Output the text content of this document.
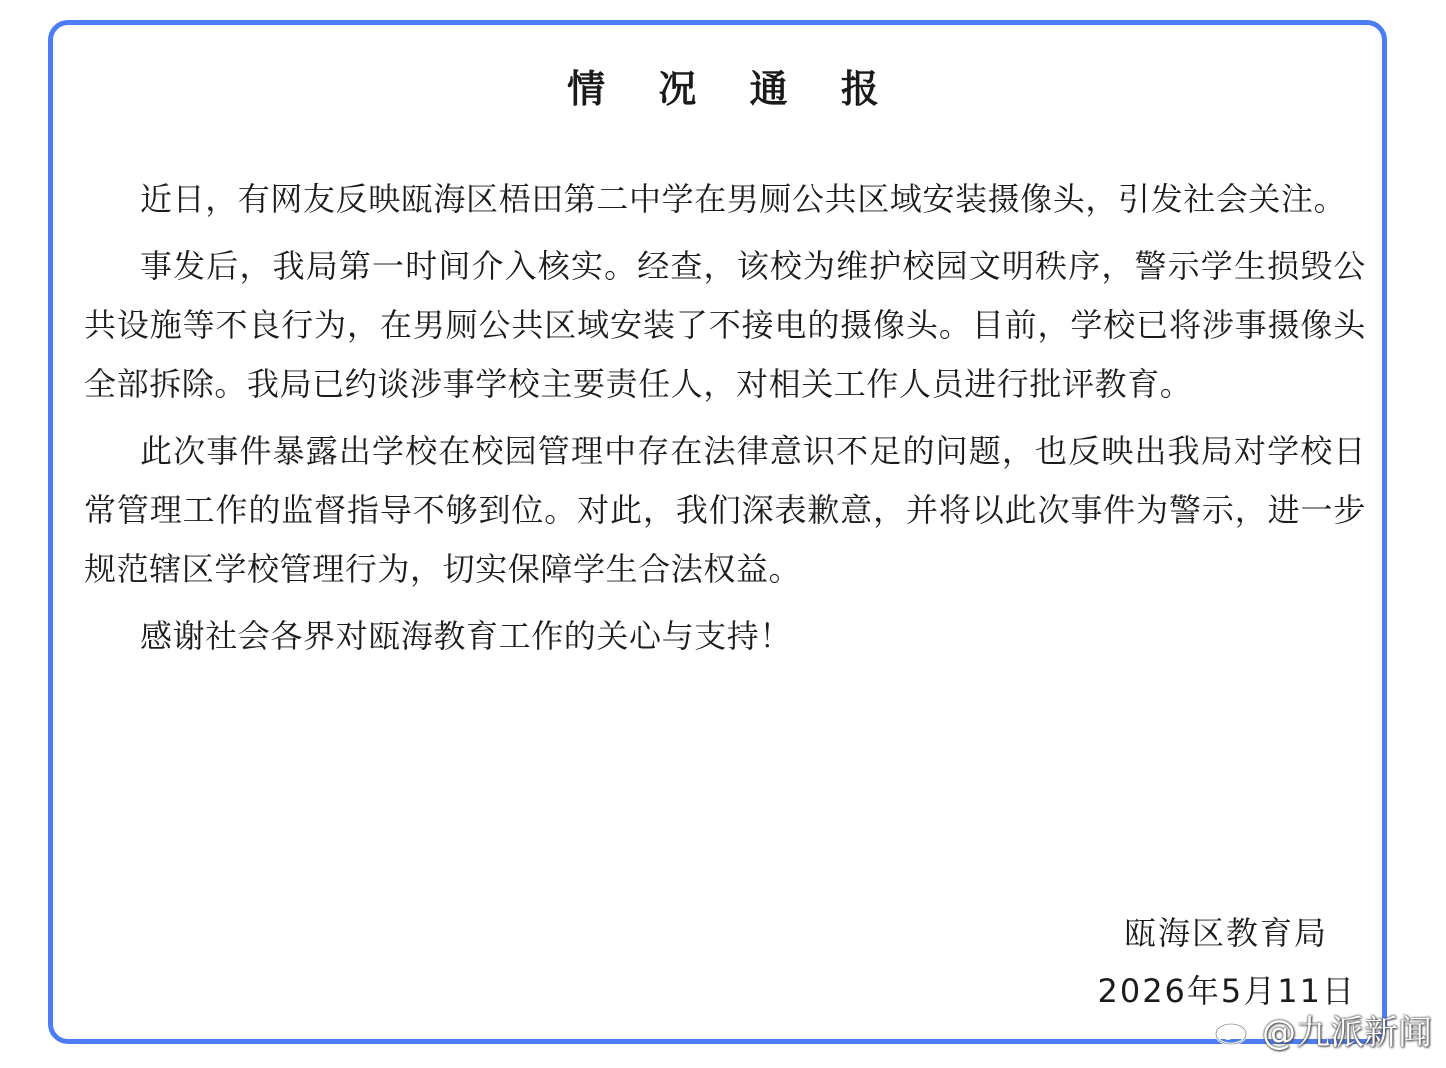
情 况 通 报

近日，有网友反映瓯海区梧田第二中学在男厕公共区域安装摄像头，引发社会关注。

事发后，我局第一时间介入核实。经查，该校为维护校园文明秩序，警示学生损毁公共设施等不良行为，在男厕公共区域安装了不接电的摄像头。目前，学校已将涉事摄像头全部拆除。我局已约谈涉事学校主要责任人，对相关工作人员进行批评教育。

此次事件暴露出学校在校园管理中存在法律意识不足的问题，也反映出我局对学校日常管理工作的监督指导不够到位。对此，我们深表歉意，并将以此次事件为警示，进一步规范辖区学校管理行为，切实保障学生合法权益。

感谢社会各界对瓯海教育工作的关心与支持！

瓯海区教育局
2026年5月11日
@九派新闻
